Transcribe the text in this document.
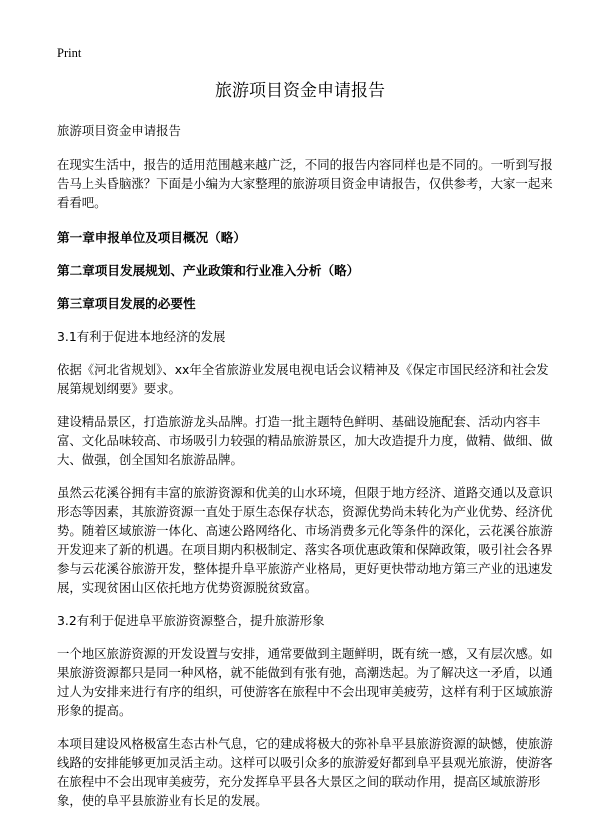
Print
旅游项目资金申请报告

旅游项目资金申请报告

在现实生活中，报告的适用范围越来越广泛，不同的报告内容同样也是不同的。一听到写报告马上头昏脑涨？下面是小编为大家整理的旅游项目资金申请报告，仅供参考，大家一起来看看吧。

第一章申报单位及项目概况（略）
第二章项目发展规划、产业政策和行业准入分析（略）
第三章项目发展的必要性
3.1有利于促进本地经济的发展

依据《河北省规划》、xx年全省旅游业发展电视电话会议精神及《保定市国民经济和社会发展第规划纲要》要求。

建设精品景区，打造旅游龙头品牌。打造一批主题特色鲜明、基础设施配套、活动内容丰富、文化品味较高、市场吸引力较强的精品旅游景区，加大改造提升力度，做精、做细、做大、做强，创全国知名旅游品牌。

虽然云花溪谷拥有丰富的旅游资源和优美的山水环境，但限于地方经济、道路交通以及意识形态等因素，其旅游资源一直处于原生态保存状态，资源优势尚未转化为产业优势、经济优势。随着区域旅游一体化、高速公路网络化、市场消费多元化等条件的深化，云花溪谷旅游开发迎来了新的机遇。在项目期内积极制定、落实各项优惠政策和保障政策，吸引社会各界参与云花溪谷旅游开发，整体提升阜平旅游产业格局，更好更快带动地方第三产业的迅速发展，实现贫困山区依托地方优势资源脱贫致富。

3.2有利于促进阜平旅游资源整合，提升旅游形象

一个地区旅游资源的开发设置与安排，通常要做到主题鲜明，既有统一感，又有层次感。如果旅游资源都只是同一种风格，就不能做到有张有弛，高潮迭起。为了解决这一矛盾，以通过人为安排来进行有序的组织，可使游客在旅程中不会出现审美疲劳，这样有利于区域旅游形象的提高。

本项目建设风格极富生态古朴气息，它的建成将极大的弥补阜平县旅游资源的缺憾，使旅游线路的安排能够更加灵活主动。这样可以吸引众多的旅游爱好都到阜平县观光旅游，使游客在旅程中不会出现审美疲劳，充分发挥阜平县各大景区之间的联动作用，提高区域旅游形象，使的阜平县旅游业有长足的发展。
